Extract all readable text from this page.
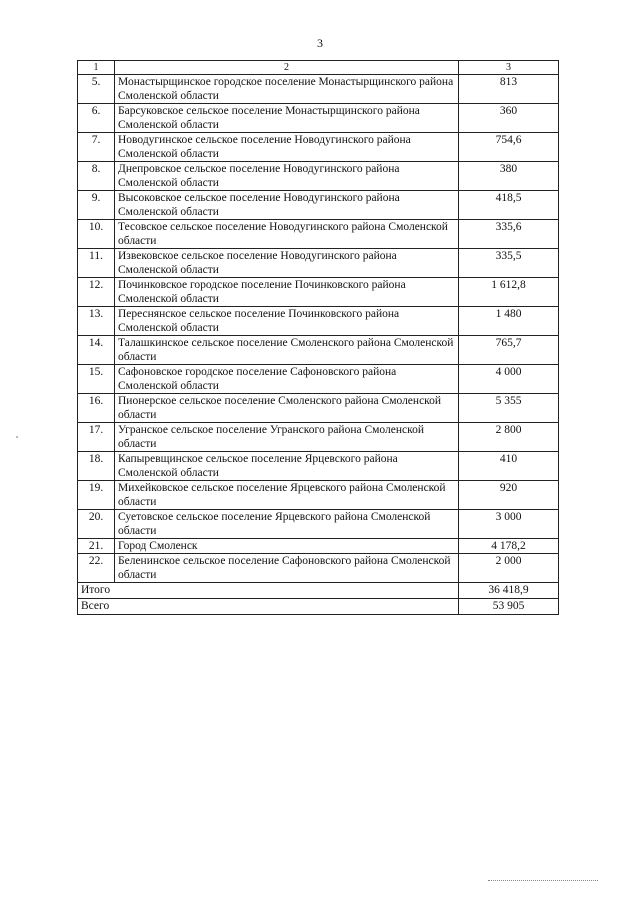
3
1	2	3
5.	Монастырщинское городское поселение Монастырщинского района Смоленской области	813
6.	Барсуковское сельское поселение Монастырщинского района Смоленской области	360
7.	Новодугинское сельское поселение Новодугинского района Смоленской области	754,6
8.	Днепровское сельское поселение Новодугинского района Смоленской области	380
9.	Высоковское сельское поселение Новодугинского района Смоленской области	418,5
10.	Тесовское сельское поселение Новодугинского района Смоленской области	335,6
11.	Извековское сельское поселение Новодугинского района Смоленской области	335,5
12.	Починковское городское поселение Починковского района Смоленской области	1 612,8
13.	Переснянское сельское поселение Починковского района Смоленской области	1 480
14.	Талашкинское сельское поселение Смоленского района Смоленской области	765,7
15.	Сафоновское городское поселение Сафоновского района Смоленской области	4 000
16.	Пионерское сельское поселение Смоленского района Смоленской области	5 355
17.	Угранское сельское поселение Угранского района Смоленской области	2 800
18.	Капыревщинское сельское поселение Ярцевского района Смоленской области	410
19.	Михейковское сельское поселение Ярцевского района Смоленской области	920
20.	Суетовское сельское поселение Ярцевского района Смоленской области	3 000
21.	Город Смоленск	4 178,2
22.	Беленинское сельское поселение Сафоновского района Смоленской области	2 000
Итого		36 418,9
Всего		53 905
